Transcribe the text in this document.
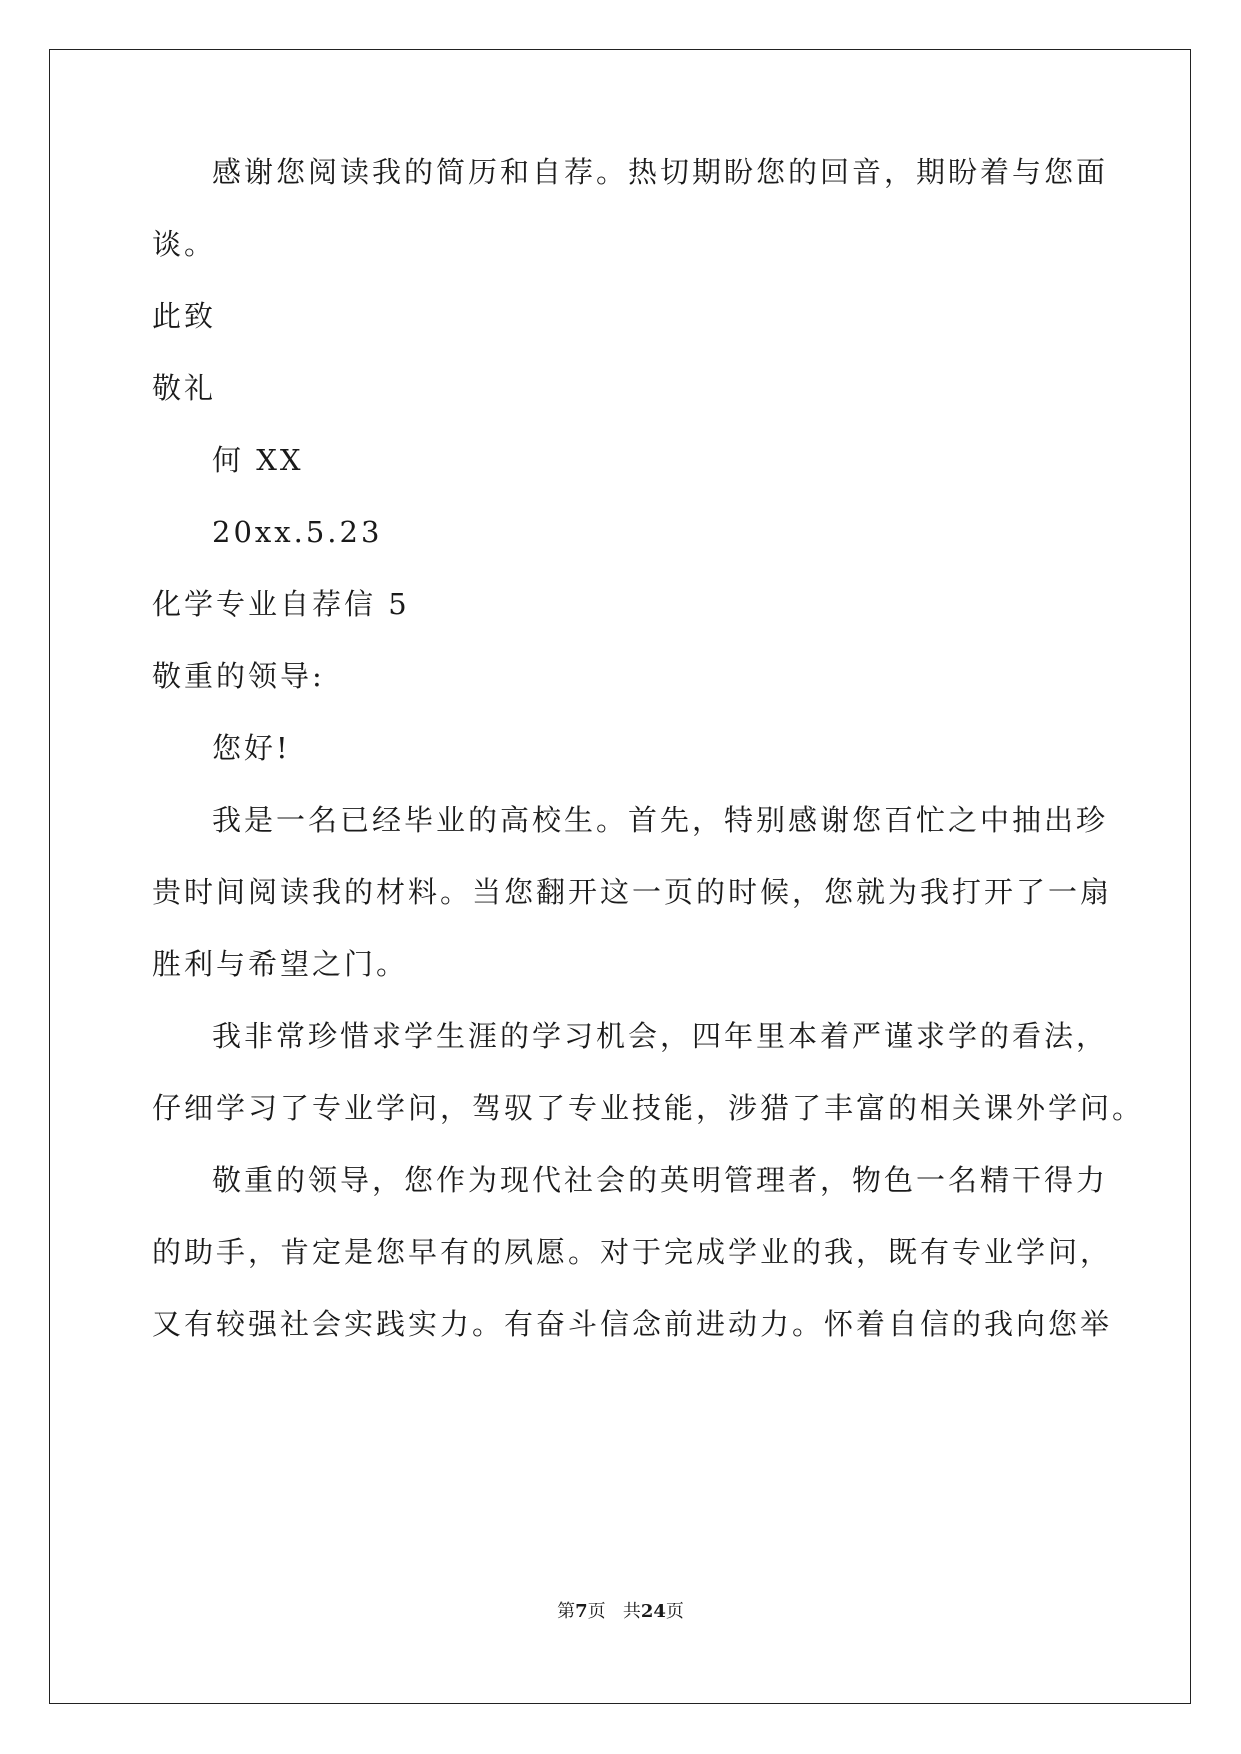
感谢您阅读我的简历和自荐。热切期盼您的回音，期盼着与您面
谈。
此致
敬礼
何 XX
20xx.5.23
化学专业自荐信 5
敬重的领导:
您好!
我是一名已经毕业的高校生。首先，特别感谢您百忙之中抽出珍
贵时间阅读我的材料。当您翻开这一页的时候，您就为我打开了一扇
胜利与希望之门。
我非常珍惜求学生涯的学习机会，四年里本着严谨求学的看法，
仔细学习了专业学问，驾驭了专业技能，涉猎了丰富的相关课外学问。
敬重的领导，您作为现代社会的英明管理者，物色一名精干得力
的助手，肯定是您早有的夙愿。对于完成学业的我，既有专业学问，
又有较强社会实践实力。有奋斗信念前进动力。怀着自信的我向您举
第7页 共24页
